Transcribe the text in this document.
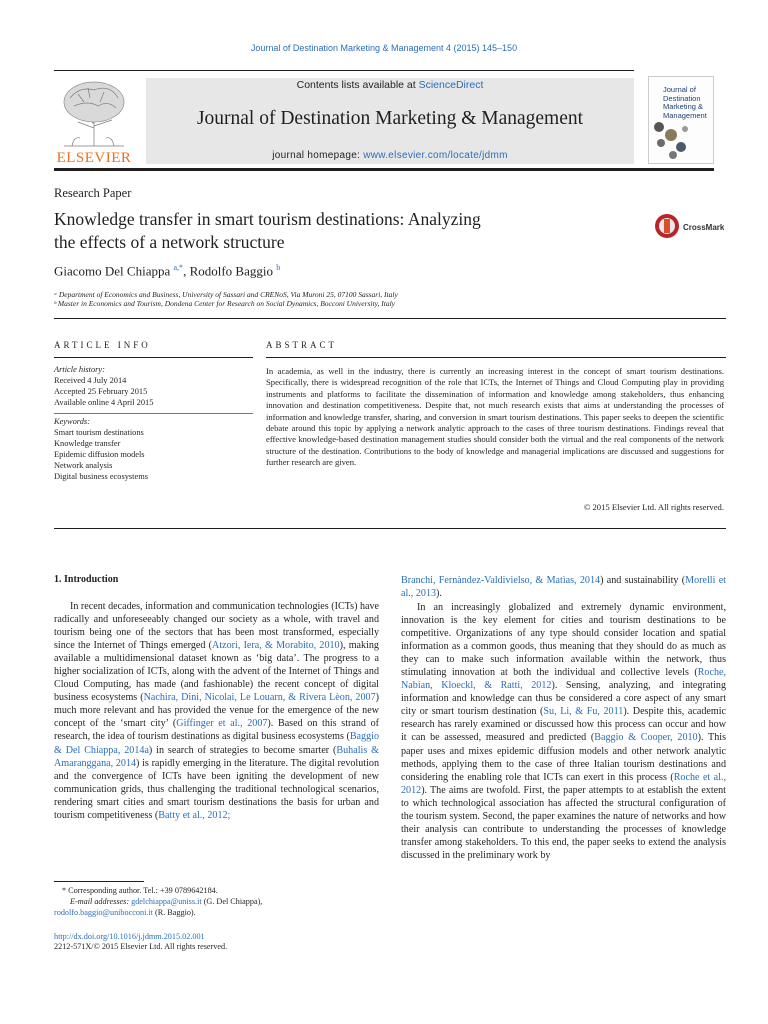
Journal of Destination Marketing & Management 4 (2015) 145–150
ELSEVIER
Contents lists available at ScienceDirect
Journal of Destination Marketing & Management
journal homepage: www.elsevier.com/locate/jdmm
Journal of
Destination
Marketing &
Management
Research Paper
Knowledge transfer in smart tourism destinations: Analyzing
the effects of a network structure
CrossMark
Giacomo Del Chiappa $^{a,*}$, Rodolfo Baggio $^b$
ᵃ Department of Economics and Business, University of Sassari and CRENoS, Via Muroni 25, 07100 Sassari, Italy
ᵇ Master in Economics and Tourism, Dondena Center for Research on Social Dynamics, Bocconi University, Italy
ARTICLE INFO	ABSTRACT
Article history:
Received 4 July 2014
Accepted 25 February 2015
Available online 4 April 2015
Keywords:
Smart tourism destinations
Knowledge transfer
Epidemic diffusion models
Network analysis
Digital business ecosystems
In academia, as well in the industry, there is currently an increasing interest in the concept of smart tourism destinations. Specifically, there is widespread recognition of the role that ICTs, the Internet of Things and Cloud Computing play in providing instruments and platforms to facilitate the dissemination of information and knowledge among stakeholders, thus enhancing innovation and destination competitiveness. Despite that, not much research exists that aims at understanding the processes of information and knowledge transfer, sharing, and conversion in smart tourism destinations. This paper seeks to deepen the scientific debate around this topic by applying a network analytic approach to the cases of three tourism destinations. Findings reveal that effective knowledge-based destination management studies should consider both the virtual and the real components of the network structure of the destination. Contributions to the body of knowledge and managerial implications are discussed and suggestions for further research are given.
© 2015 Elsevier Ltd. All rights reserved.
1. Introduction
In recent decades, information and communication technologies (ICTs) have radically and unforeseeably changed our society as a whole, with travel and tourism being one of the sectors that has been most transformed, especially since the Internet of Things emerged (Atzori, Iera, & Morabito, 2010), making available a multidimensional dataset known as ‘big data’. The progress to a higher socialization of ICTs, along with the advent of the Internet of Things and Cloud Computing, has made (and fashionable) the recent concept of digital business ecosystems (Nachira, Dini, Nicolai, Le Louarn, & Rivera Lèon, 2007) much more relevant and has provided the venue for the emergence of the new concept of the ‘smart city’ (Giffinger et al., 2007). Based on this strand of research, the idea of tourism destinations as digital business ecosystems (Baggio & Del Chiappa, 2014a) in search of strategies to become smarter (Buhalis & Amaranggana, 2014) is rapidly emerging in the literature. The digital revolution and the convergence of ICTs have been igniting the development of new communication grids, thus challenging the traditional technological scenarios, rendering smart cities and smart tourism destinations the basis for urban and tourism competitiveness (Batty et al., 2012;
Branchi, Fernàndez-Valdivielso, & Matìas, 2014) and sustainability (Morelli et al., 2013).
In an increasingly globalized and extremely dynamic environment, innovation is the key element for cities and tourism destinations to be competitive. Organizations of any type should consider location and spatial information as a common goods, thus meaning that they should do as much as they can to make such information available within the network, thus stimulating innovation at both the individual and collective levels (Roche, Nabian, Kloeckl, & Ratti, 2012). Sensing, analyzing, and integrating information and knowledge can thus be considered a core aspect of any smart city or smart tourism destination (Su, Li, & Fu, 2011). Despite this, academic research has rarely examined or discussed how this process can occur and how it can be assessed, measured and predicted (Baggio & Cooper, 2010). This paper uses and mixes epidemic diffusion models and other network analytic methods, applying them to the case of three Italian tourism destinations and considering the enabling role that ICTs can exert in this process (Roche et al., 2012). The aims are twofold. First, the paper attempts to at establish the extent to which technological association has affected the structural configuration of the tourism system. Second, the paper examines the nature of networks and how their analysis can contribute to understanding the processes of knowledge transfer among stakeholders. To this end, the paper seeks to extend the analysis discussed in the preliminary work by
* Corresponding author. Tel.: +39 0789642184.
E-mail addresses: gdelchiappa@uniss.it (G. Del Chiappa),
rodolfo.baggio@unibocconi.it (R. Baggio).
http://dx.doi.org/10.1016/j.jdmm.2015.02.001
2212-571X/© 2015 Elsevier Ltd. All rights reserved.
